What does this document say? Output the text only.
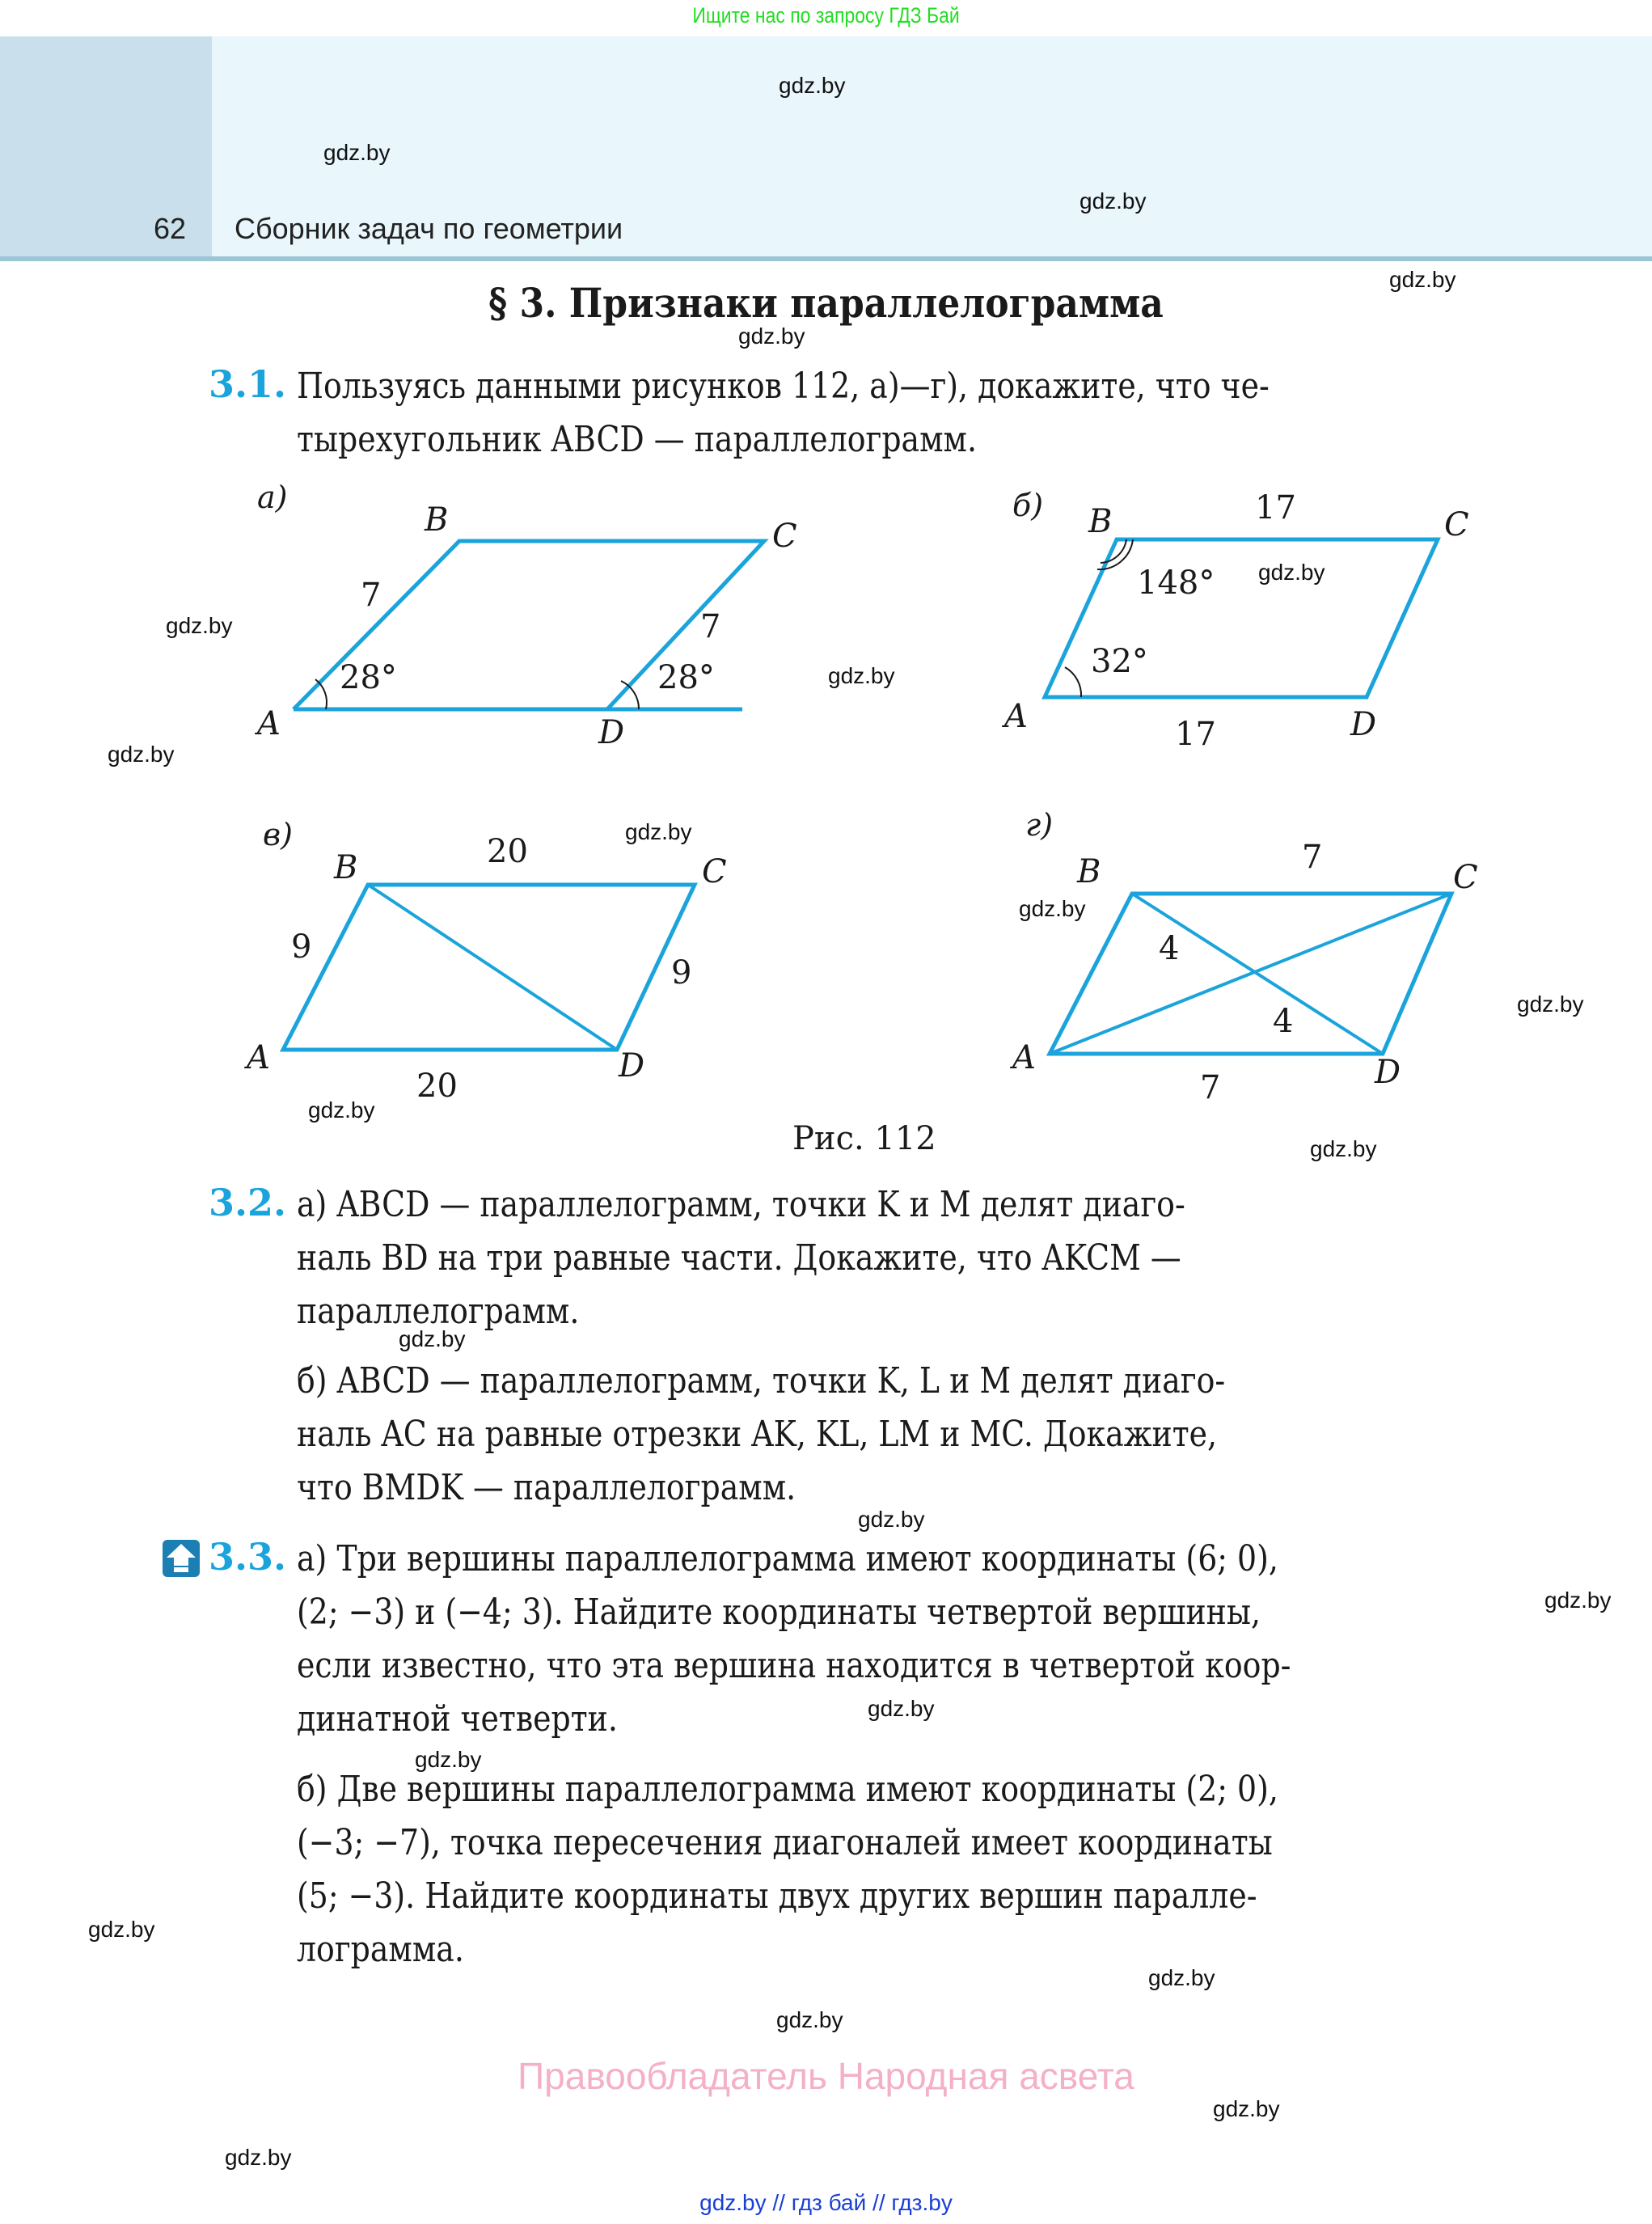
Ищите нас по запросу ГДЗ Бай
62 Сборник задач по геометрии
gdz.by
gdz.by
gdz.by
gdz.by
gdz.by
gdz.by
gdz.by
gdz.by
gdz.by
gdz.by
gdz.by
gdz.by
gdz.by
gdz.by
gdz.by
gdz.by
gdz.by
gdz.by
gdz.by
gdz.by
gdz.by
gdz.by
gdz.by
gdz.by
§ 3. Признаки параллелограмма
3.1. Пользуясь данными рисунков 112, а)—г), докажите, что че-
тырехугольник ABCD — параллелограмм.
а)
A
B	C
D
7
7
28°	28°
б)
A
B	C
D
17
17
148°
32°
в)
A
B	C
D
20
9
9
20
г)
A
B	C
D
7
4
4
7
Рис. 112
3.2. а) ABCD — параллелограмм, точки K и M делят диаго-
наль BD на три равные части. Докажите, что AKCM —
параллелограмм.
б) ABCD — параллелограмм, точки K, L и M делят диаго-
наль AC на равные отрезки AK, KL, LM и MC. Докажите,
что BMDK — параллелограмм.
3.3. а) Три вершины параллелограмма имеют координаты (6; 0),
(2; −3) и (−4; 3). Найдите координаты четвертой вершины,
если известно, что эта вершина находится в четвертой коор-
динатной четверти.
б) Две вершины параллелограмма имеют координаты (2; 0),
(−3; −7), точка пересечения диагоналей имеет координаты
(5; −3). Найдите координаты двух других вершин паралле-
лограмма.
Правообладатель Народная асвета
gdz.by // гдз бай // гдз.by
